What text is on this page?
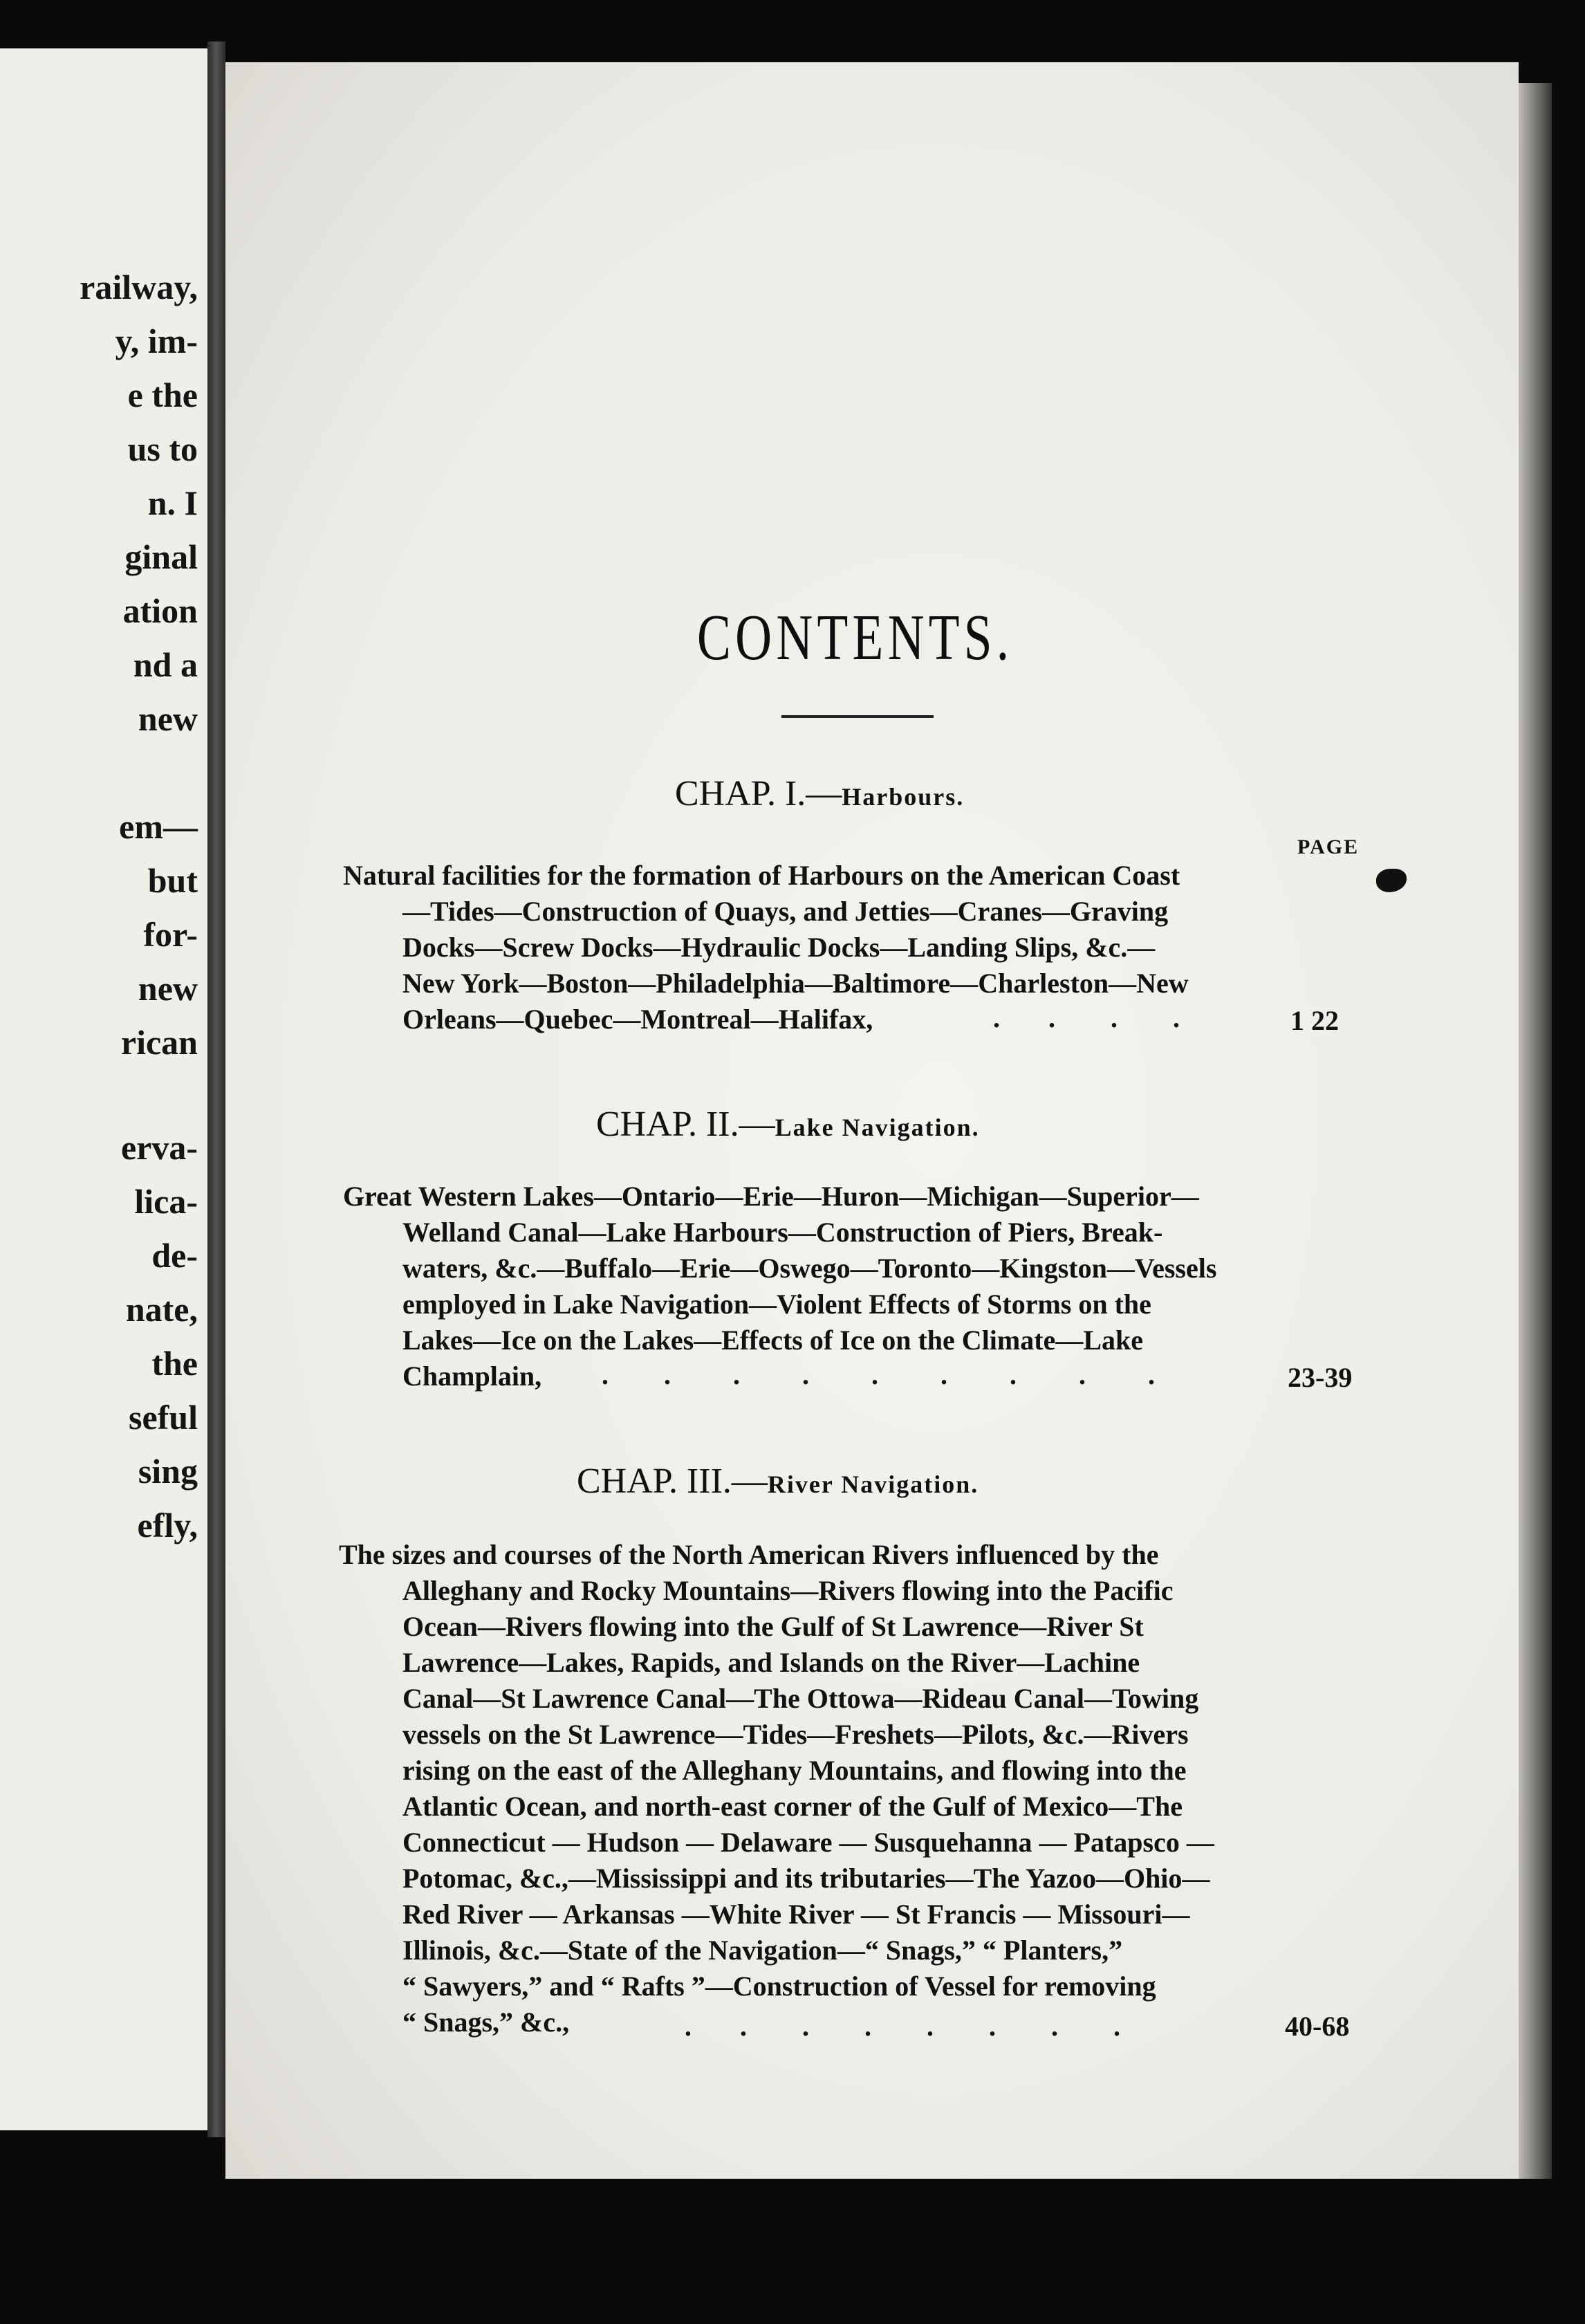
railway,
y, im-
e the
us to
n. I
ginal
ation
nd a
new
em—
but
for-
new
rican
erva-
lica-
de-
nate,
the
seful
sing
efly,
CONTENTS.
CHAP. I.—Harbours.
PAGE
Natural facilities for the formation of Harbours on the American Coast
—Tides—Construction of Quays, and Jetties—Cranes—Graving
Docks—Screw Docks—Hydraulic Docks—Landing Slips, &c.—
New York—Boston—Philadelphia—Baltimore—Charleston—New
Orleans—Quebec—Montreal—Halifax,	.       .        .        .	1 22
CHAP. II.—Lake Navigation.
Great Western Lakes—Ontario—Erie—Huron—Michigan—Superior—
Welland Canal—Lake Harbours—Construction of Piers, Break-
waters, &c.—Buffalo—Erie—Oswego—Toronto—Kingston—Vessels
employed in Lake Navigation—Violent Effects of Storms on the
Lakes—Ice on the Lakes—Effects of Ice on the Climate—Lake
Champlain, .        .         .         .         .         .         .         .         .	23-39
CHAP. III.—River Navigation.
The sizes and courses of the North American Rivers influenced by the
Alleghany and Rocky Mountains—Rivers flowing into the Pacific
Ocean—Rivers flowing into the Gulf of St Lawrence—River St
Lawrence—Lakes, Rapids, and Islands on the River—Lachine
Canal—St Lawrence Canal—The Ottowa—Rideau Canal—Towing
vessels on the St Lawrence—Tides—Freshets—Pilots, &c.—Rivers
rising on the east of the Alleghany Mountains, and flowing into the
Atlantic Ocean, and north-east corner of the Gulf of Mexico—The
Connecticut — Hudson — Delaware — Susquehanna — Patapsco —
Potomac, &c.,—Mississippi and its tributaries—The Yazoo—Ohio—
Red River — Arkansas —White River — St Francis — Missouri—
Illinois, &c.—State of the Navigation—“ Snags,” “ Planters,”
“ Sawyers,” and “ Rafts ”—Construction of Vessel for removing
“ Snags,” &c.,	.       .        .        .        .        .        .        .	40-68
